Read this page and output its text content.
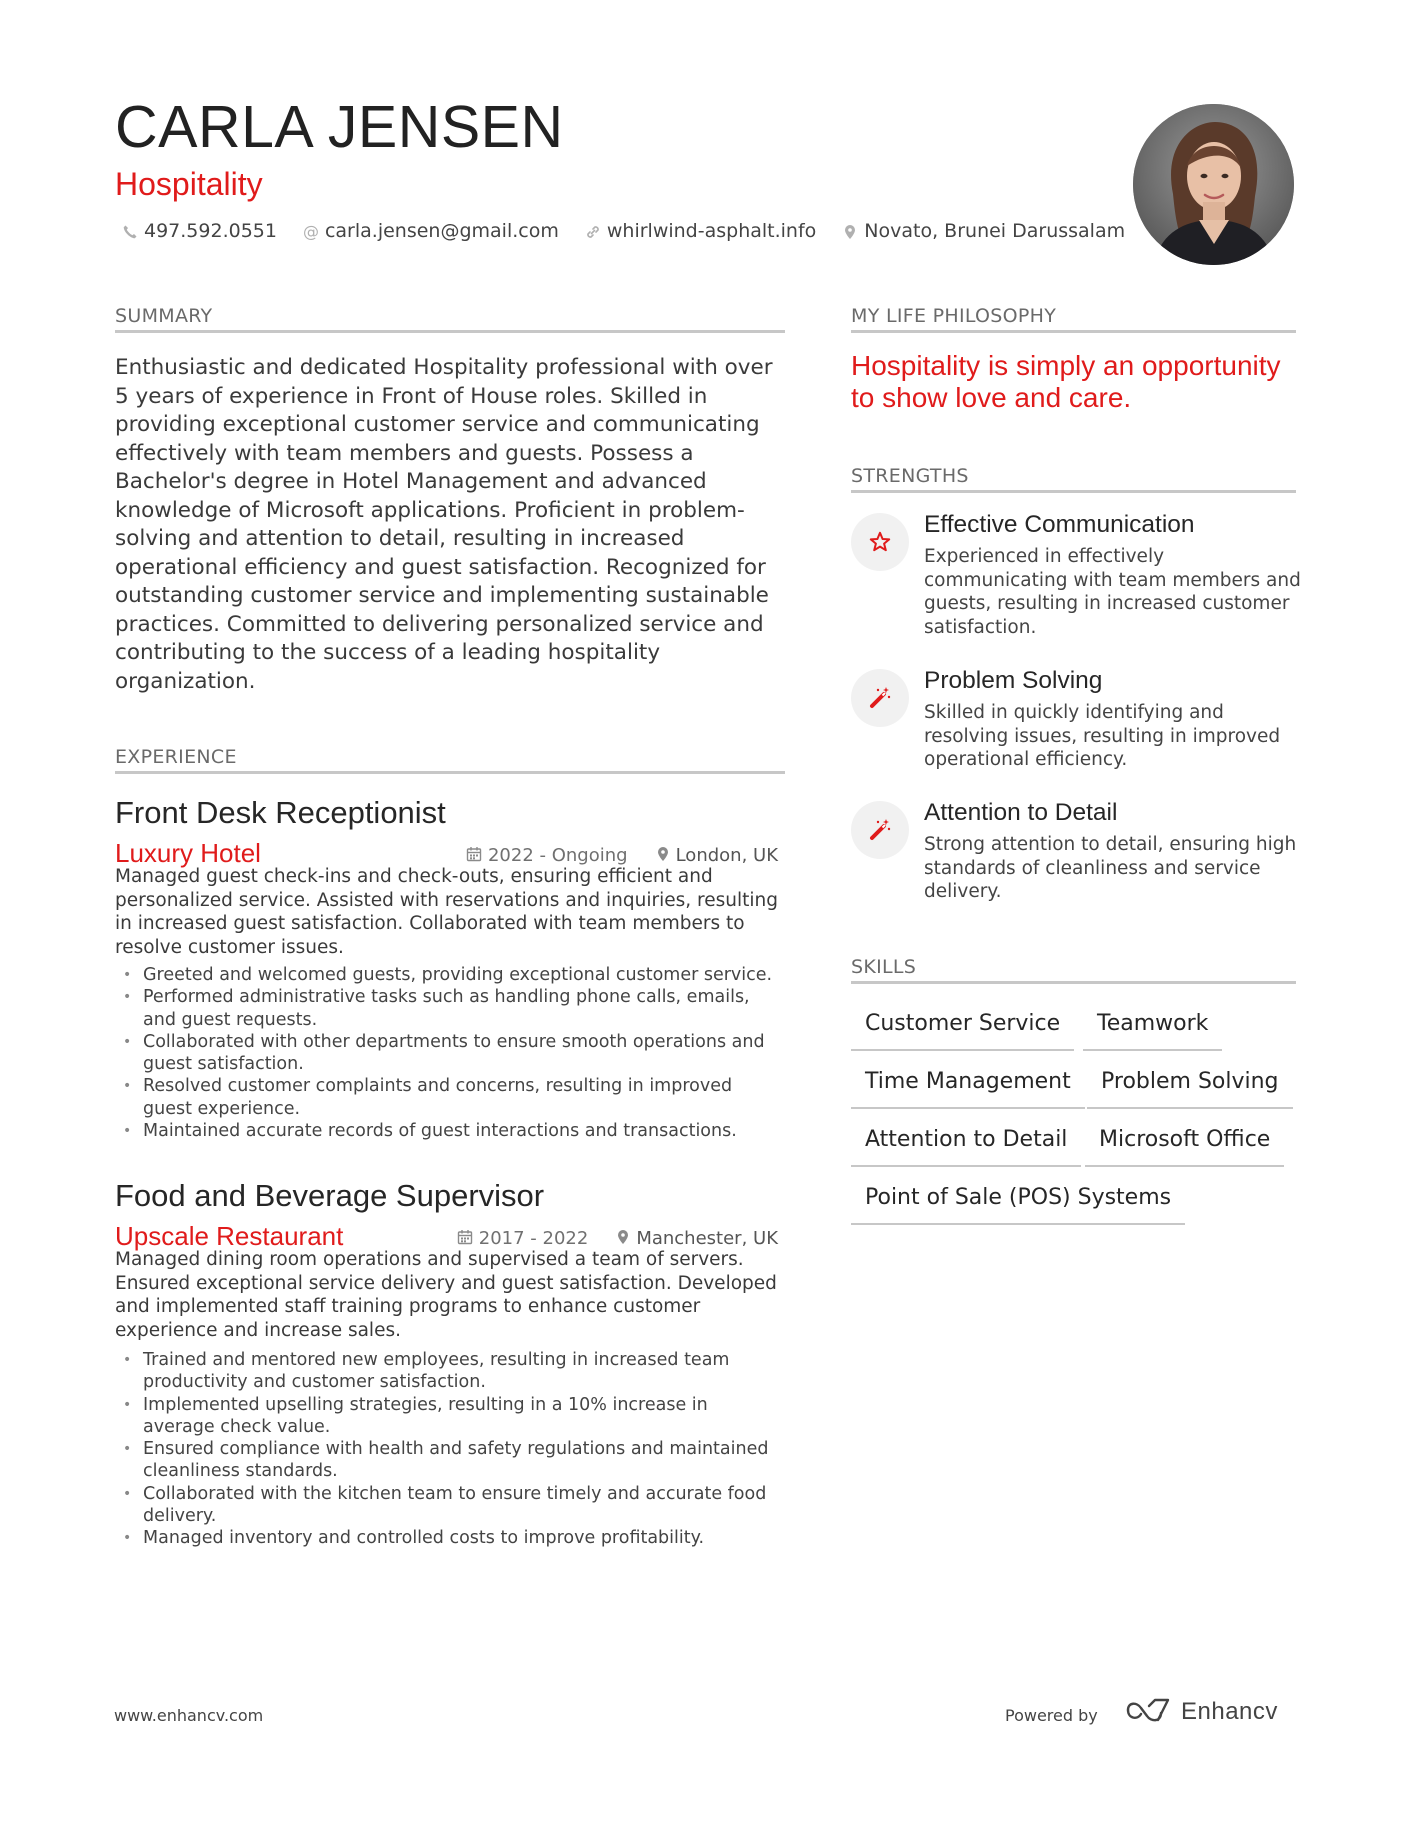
CARLA JENSEN
Hospitality
497.592.0551 @ carla.jensen@gmail.com	whirlwind-asphalt.info	Novato, Brunei Darussalam
SUMMARY

Enthusiastic and dedicated Hospitality professional with over 5 years of experience in Front of House roles. Skilled in providing exceptional customer service and communicating effectively with team members and guests. Possess a Bachelor's degree in Hotel Management and advanced knowledge of Microsoft applications. Proficient in problem-solving and attention to detail, resulting in increased operational efficiency and guest satisfaction. Recognized for outstanding customer service and implementing sustainable practices. Committed to delivering personalized service and contributing to the success of a leading hospitality organization.

EXPERIENCE
Front Desk Receptionist
Luxury Hotel	2022 - Ongoing	London, UK

Managed guest check-ins and check-outs, ensuring efficient and personalized service. Assisted with reservations and inquiries, resulting in increased guest satisfaction. Collaborated with team members to resolve customer issues.

• Greeted and welcomed guests, providing exceptional customer service.
• Performed administrative tasks such as handling phone calls, emails, and guest requests.
• Collaborated with other departments to ensure smooth operations and guest satisfaction.
• Resolved customer complaints and concerns, resulting in improved guest experience.
• Maintained accurate records of guest interactions and transactions.
Food and Beverage Supervisor
Upscale Restaurant	2017 - 2022	Manchester, UK

Managed dining room operations and supervised a team of servers. Ensured exceptional service delivery and guest satisfaction. Developed and implemented staff training programs to enhance customer experience and increase sales.

• Trained and mentored new employees, resulting in increased team productivity and customer satisfaction.
• Implemented upselling strategies, resulting in a 10% increase in average check value.
• Ensured compliance with health and safety regulations and maintained cleanliness standards.
• Collaborated with the kitchen team to ensure timely and accurate food delivery.
• Managed inventory and controlled costs to improve profitability.
MY LIFE PHILOSOPHY

Hospitality is simply an opportunity to show love and care.

STRENGTHS
Effective Communication
Experienced in effectively communicating with team members and guests, resulting in increased customer satisfaction.
Problem Solving
Skilled in quickly identifying and resolving issues, resulting in improved operational efficiency.
Attention to Detail
Strong attention to detail, ensuring high standards of cleanliness and service delivery.
SKILLS
Customer Service	Teamwork
Time Management	Problem Solving
Attention to Detail	Microsoft Office
Point of Sale (POS) Systems
www.enhancv.com	Powered by	Enhancv
